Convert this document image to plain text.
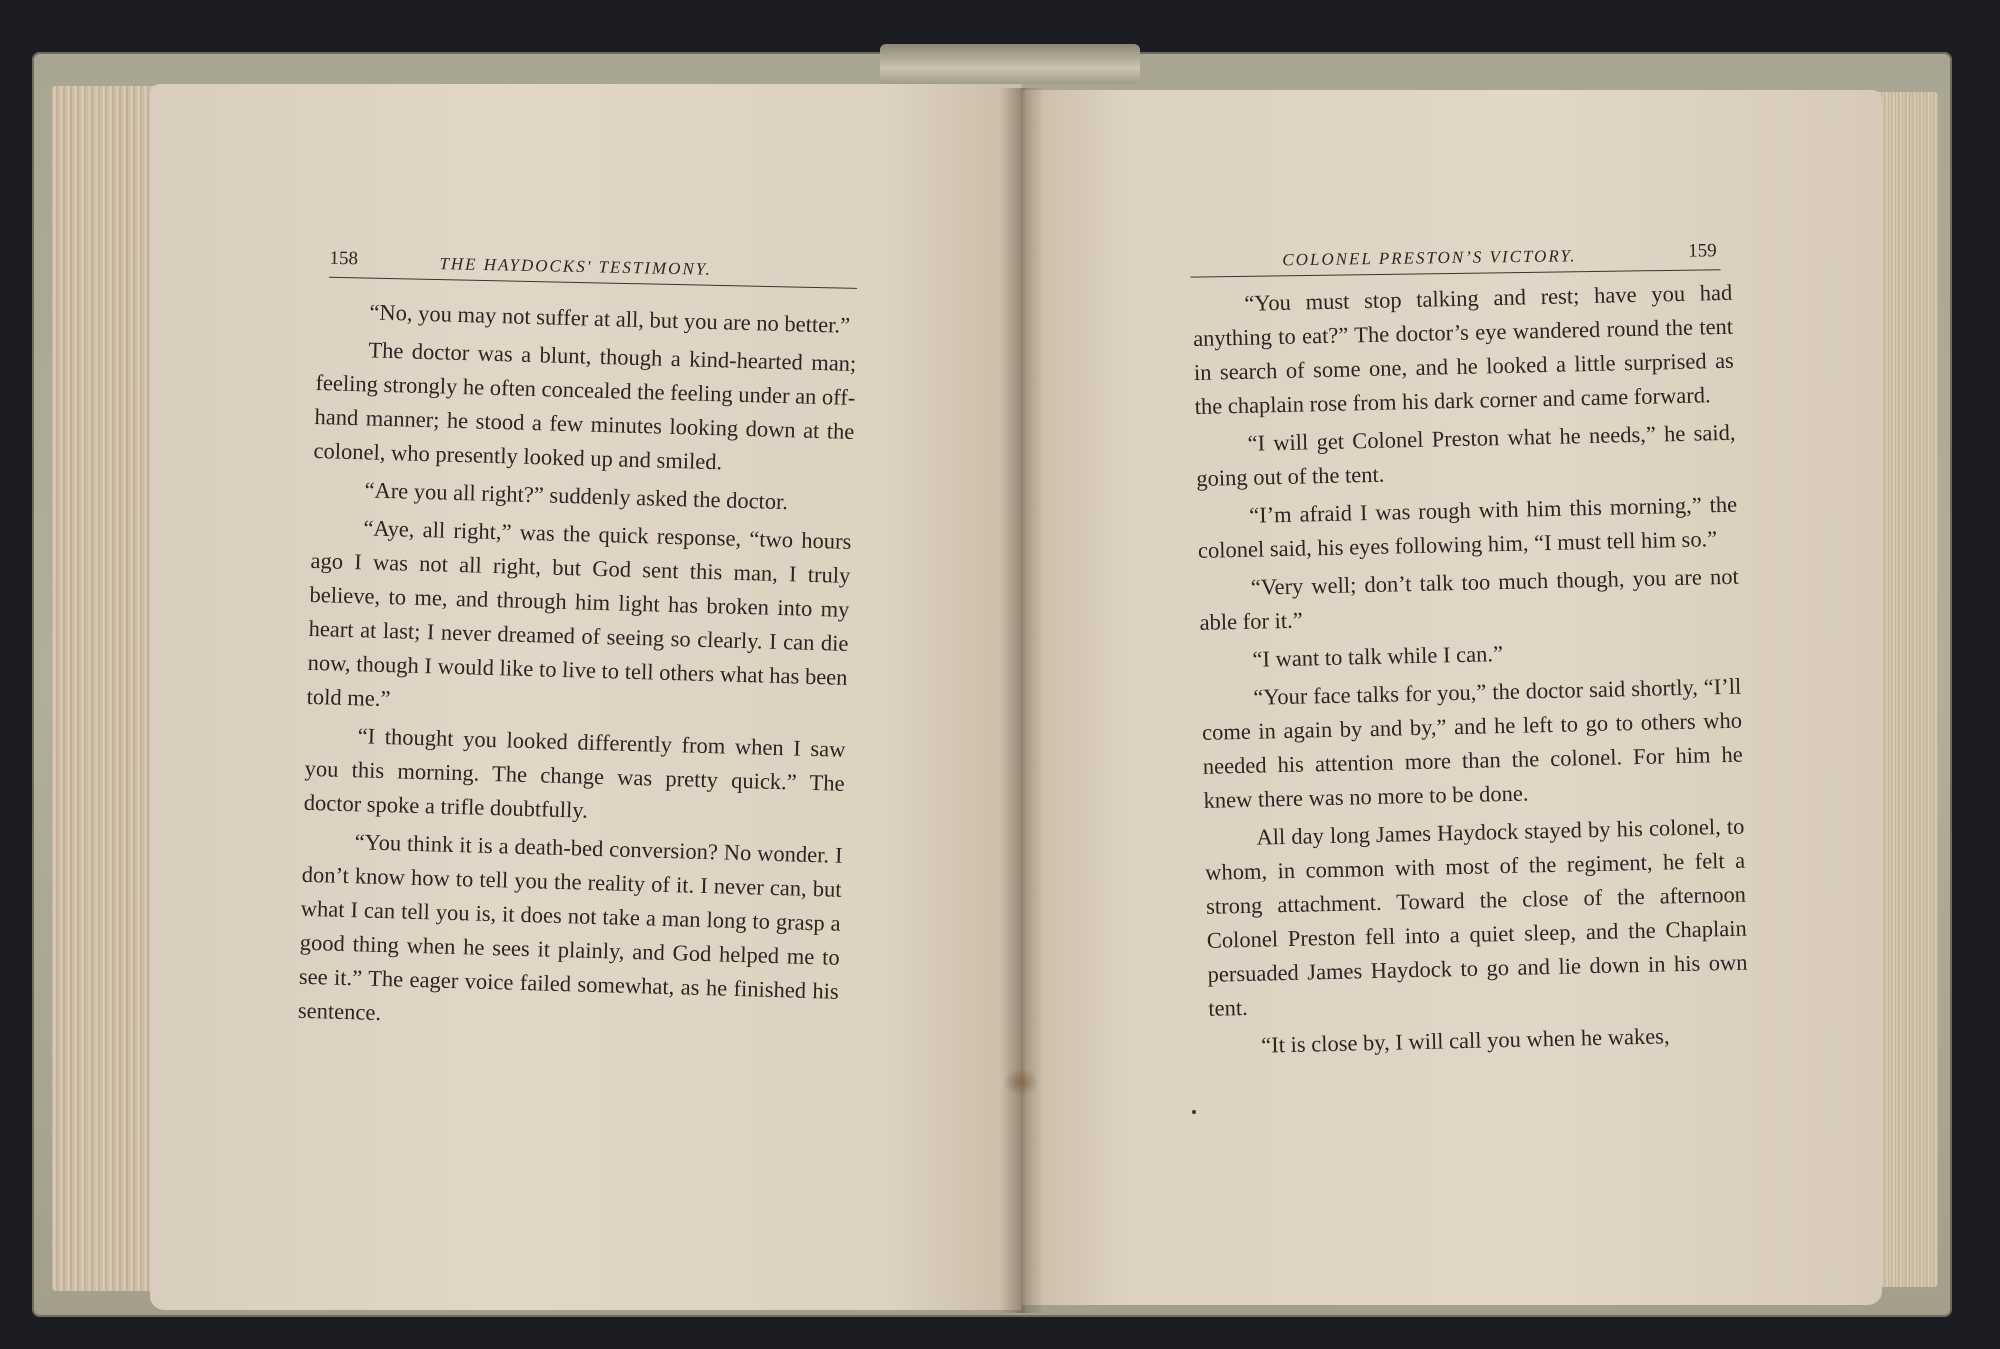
158	THE HAYDOCKS' TESTIMONY.

“No, you may not suffer at all, but you are no better.”

The doctor was a blunt, though a kind-hearted man; feeling strongly he often concealed the feeling under an off-hand manner; he stood a few minutes looking down at the colonel, who presently looked up and smiled.

“Are you all right?” suddenly asked the doctor.

“Aye, all right,” was the quick response, “two hours ago I was not all right, but God sent this man, I truly believe, to me, and through him light has broken into my heart at last; I never dreamed of seeing so clearly. I can die now, though I would like to live to tell others what has been told me.”

“I thought you looked differently from when I saw you this morning. The change was pretty quick.” The doctor spoke a trifle doubtfully.

“You think it is a death-bed conversion? No wonder. I don’t know how to tell you the reality of it. I never can, but what I can tell you is, it does not take a man long to grasp a good thing when he sees it plainly, and God helped me to see it.” The eager voice failed somewhat, as he finished his sentence.

COLONEL PRESTON’S VICTORY.	159

“You must stop talking and rest; have you had anything to eat?” The doctor’s eye wandered round the tent in search of some one, and he looked a little surprised as the chaplain rose from his dark corner and came forward.

“I will get Colonel Preston what he needs,” he said, going out of the tent.

“I’m afraid I was rough with him this morning,” the colonel said, his eyes following him, “I must tell him so.”

“Very well; don’t talk too much though, you are not able for it.”

“I want to talk while I can.”

“Your face talks for you,” the doctor said shortly, “I’ll come in again by and by,” and he left to go to others who needed his attention more than the colonel. For him he knew there was no more to be done.

All day long James Haydock stayed by his colonel, to whom, in common with most of the regiment, he felt a strong attachment. Toward the close of the afternoon Colonel Preston fell into a quiet sleep, and the Chaplain persuaded James Haydock to go and lie down in his own tent.

“It is close by, I will call you when he wakes,
